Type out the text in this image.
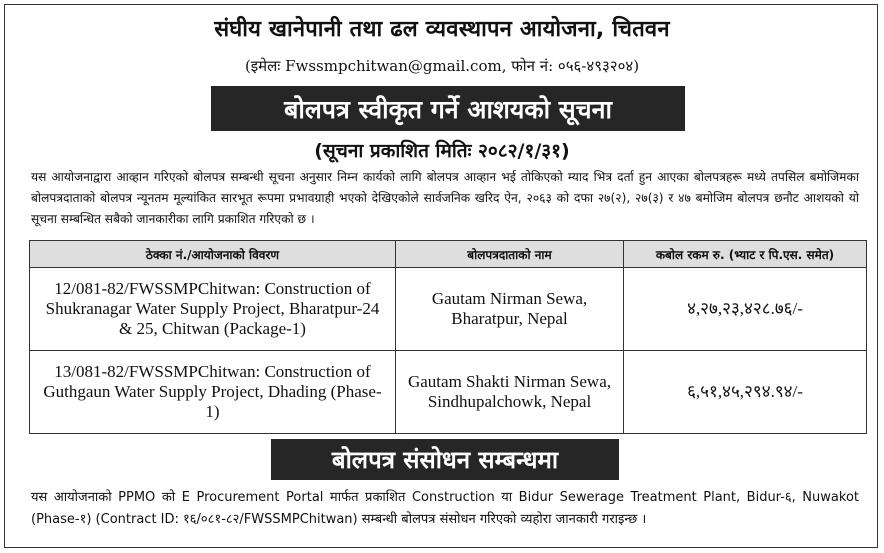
संघीय खानेपानी तथा ढल व्यवस्थापन आयोजना, चितवन
(इमेलः Fwssmpchitwan@gmail.com, फोन नं: ०५६-४९३२०४)
बोलपत्र स्वीकृत गर्ने आशयको सूचना
(सूचना प्रकाशित मितिः २०८२/१/३१)
यस आयोजनाद्वारा आव्हान गरिएको बोलपत्र सम्बन्धी सूचना अनुसार निम्न कार्यको लागि बोलपत्र आव्हान भई तोकिएको म्याद भित्र दर्ता हुन आएका बोलपत्रहरू मध्ये तपसिल बमोजिमका बोलपत्रदाताको बोलपत्र न्यूनतम मूल्यांकित सारभूत रूपमा प्रभावग्राही भएको देखिएकोले सार्वजनिक खरिद ऐन, २०६३ को दफा २७(२), २७(३) र ४७ बमोजिम बोलपत्र छनौट आशयको यो सूचना सम्बन्धित सबैको जानकारीका लागि प्रकाशित गरिएको छ ।
ठेक्का नं./आयोजनाको विवरण	बोलपत्रदाताको नाम	कबोल रकम रु. (भ्याट र पि.एस. समेत)
12/081-82/FWSSMPChitwan: Construction of Shukranagar Water Supply Project, Bharatpur-24 & 25, Chitwan (Package-1)	Gautam Nirman Sewa, Bharatpur, Nepal	४,२७,२३,४२८.७६/-
13/081-82/FWSSMPChitwan: Construction of Guthgaun Water Supply Project, Dhading (Phase-1)	Gautam Shakti Nirman Sewa, Sindhupalchowk, Nepal	६,५१,४५,२९४.९४/-
बोलपत्र संसोधन सम्बन्धमा
यस आयोजनाको PPMO को E Procurement Portal मार्फत प्रकाशित Construction या Bidur Sewerage Treatment Plant, Bidur-६, Nuwakot (Phase-१) (Contract ID: १६/०८१-८२/FWSSMPChitwan) सम्बन्धी बोलपत्र संसोधन गरिएको व्यहोरा जानकारी गराइन्छ ।
